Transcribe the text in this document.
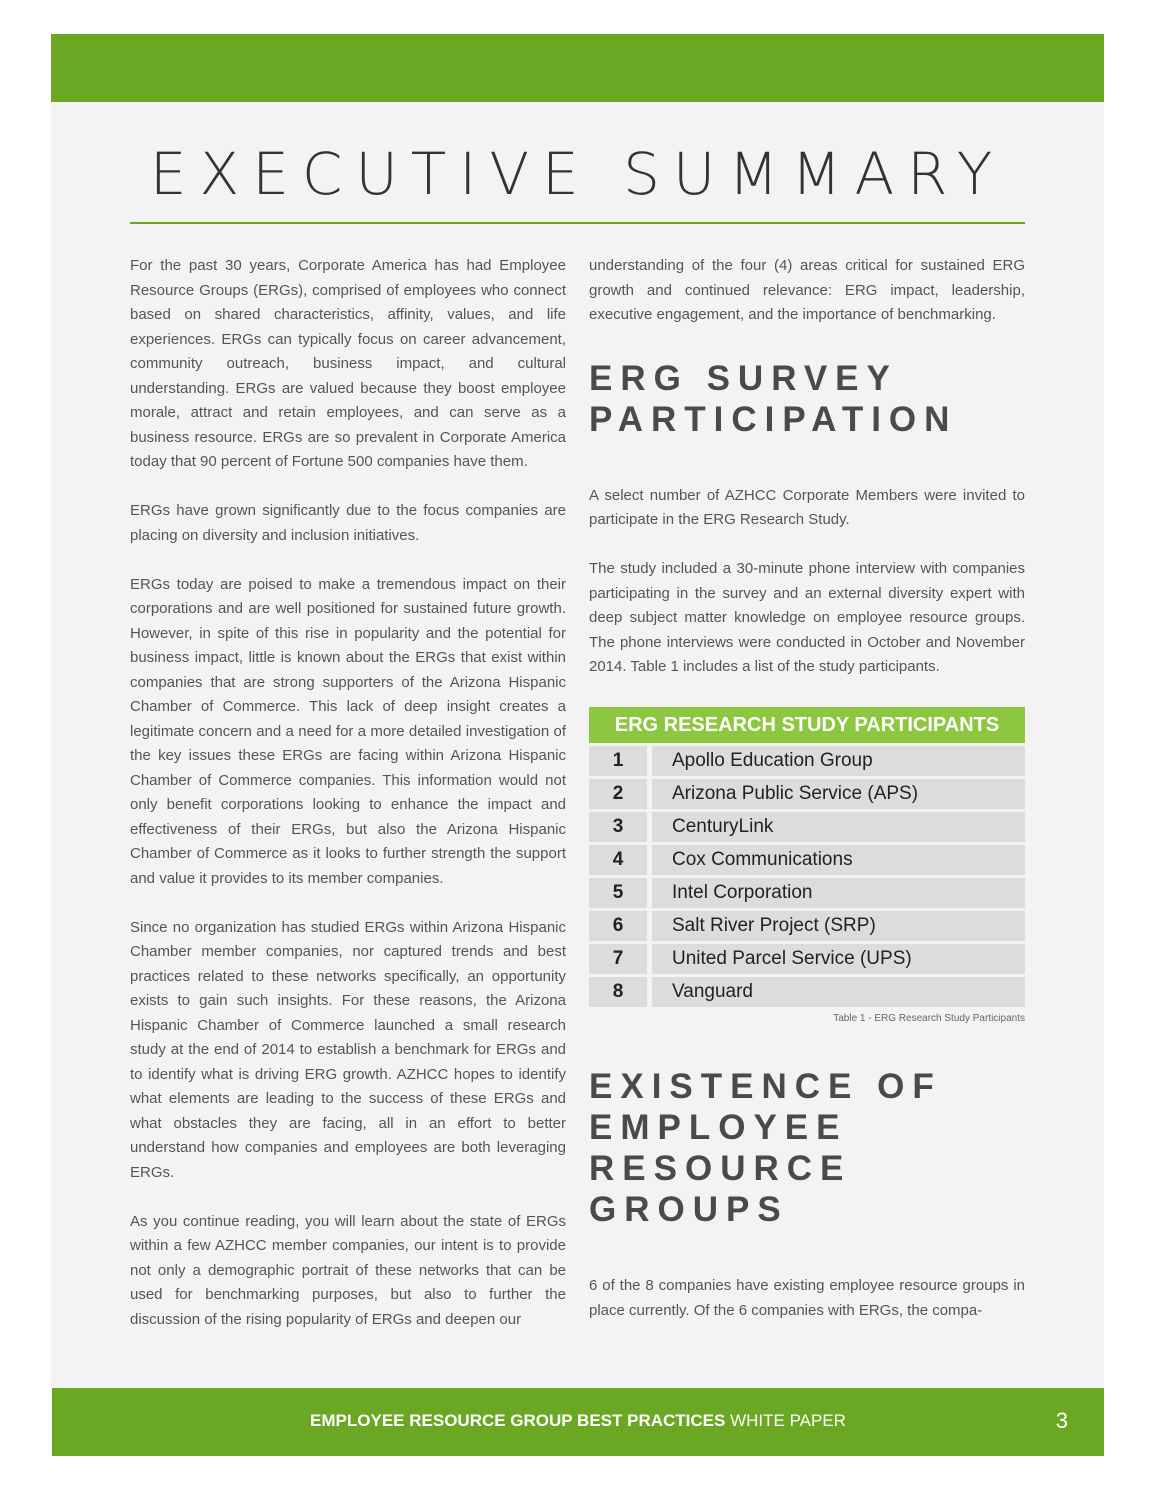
EXECUTIVE SUMMARY

For the past 30 years, Corporate America has had Employee Resource Groups (ERGs), comprised of employees who connect based on shared characteristics, affinity, values, and life experiences. ERGs can typically focus on career advancement, community outreach, business impact, and cultural understanding. ERGs are valued because they boost employee morale, attract and retain employees, and can serve as a business resource. ERGs are so prevalent in Corporate America today that 90 percent of Fortune 500 companies have them.

ERGs have grown significantly due to the focus companies are placing on diversity and inclusion initiatives.

ERGs today are poised to make a tremendous impact on their corporations and are well positioned for sustained future growth. However, in spite of this rise in popularity and the potential for business impact, little is known about the ERGs that exist within companies that are strong supporters of the Arizona Hispanic Chamber of Commerce. This lack of deep insight creates a legitimate concern and a need for a more detailed investigation of the key issues these ERGs are facing within Arizona Hispanic Chamber of Commerce companies. This information would not only benefit corporations looking to enhance the impact and effectiveness of their ERGs, but also the Arizona Hispanic Chamber of Commerce as it looks to further strength the support and value it provides to its member companies.

Since no organization has studied ERGs within Arizona Hispanic Chamber member companies, nor captured trends and best practices related to these networks specifically, an opportunity exists to gain such insights. For these reasons, the Arizona Hispanic Chamber of Commerce launched a small research study at the end of 2014 to establish a benchmark for ERGs and to identify what is driving ERG growth. AZHCC hopes to identify what elements are leading to the success of these ERGs and what obstacles they are facing, all in an effort to better understand how companies and employees are both leveraging ERGs.

As you continue reading, you will learn about the state of ERGs within a few AZHCC member companies, our intent is to provide not only a demographic portrait of these networks that can be used for benchmarking purposes, but also to further the discussion of the rising popularity of ERGs and deepen our

understanding of the four (4) areas critical for sustained ERG growth and continued relevance: ERG impact, leadership, executive engagement, and the importance of benchmarking.

ERG SURVEY PARTICIPATION

A select number of AZHCC Corporate Members were invited to participate in the ERG Research Study.

The study included a 30-minute phone interview with companies participating in the survey and an external diversity expert with deep subject matter knowledge on employee resource groups. The phone interviews were conducted in October and November 2014. Table 1 includes a list of the study participants.

ERG RESEARCH STUDY PARTICIPANTS	
1	Apollo Education Group
2	Arizona Public Service (APS)
3	CenturyLink
4	Cox Communications
5	Intel Corporation
6	Salt River Project (SRP)
7	United Parcel Service (UPS)
8	Vanguard
Table 1 - ERG Research Study Participants
EXISTENCE OF EMPLOYEE RESOURCE GROUPS

6 of the 8 companies have existing employee resource groups in place currently. Of the 6 companies with ERGs, the compa-

EMPLOYEE RESOURCE GROUP BEST PRACTICES WHITE PAPER	3
